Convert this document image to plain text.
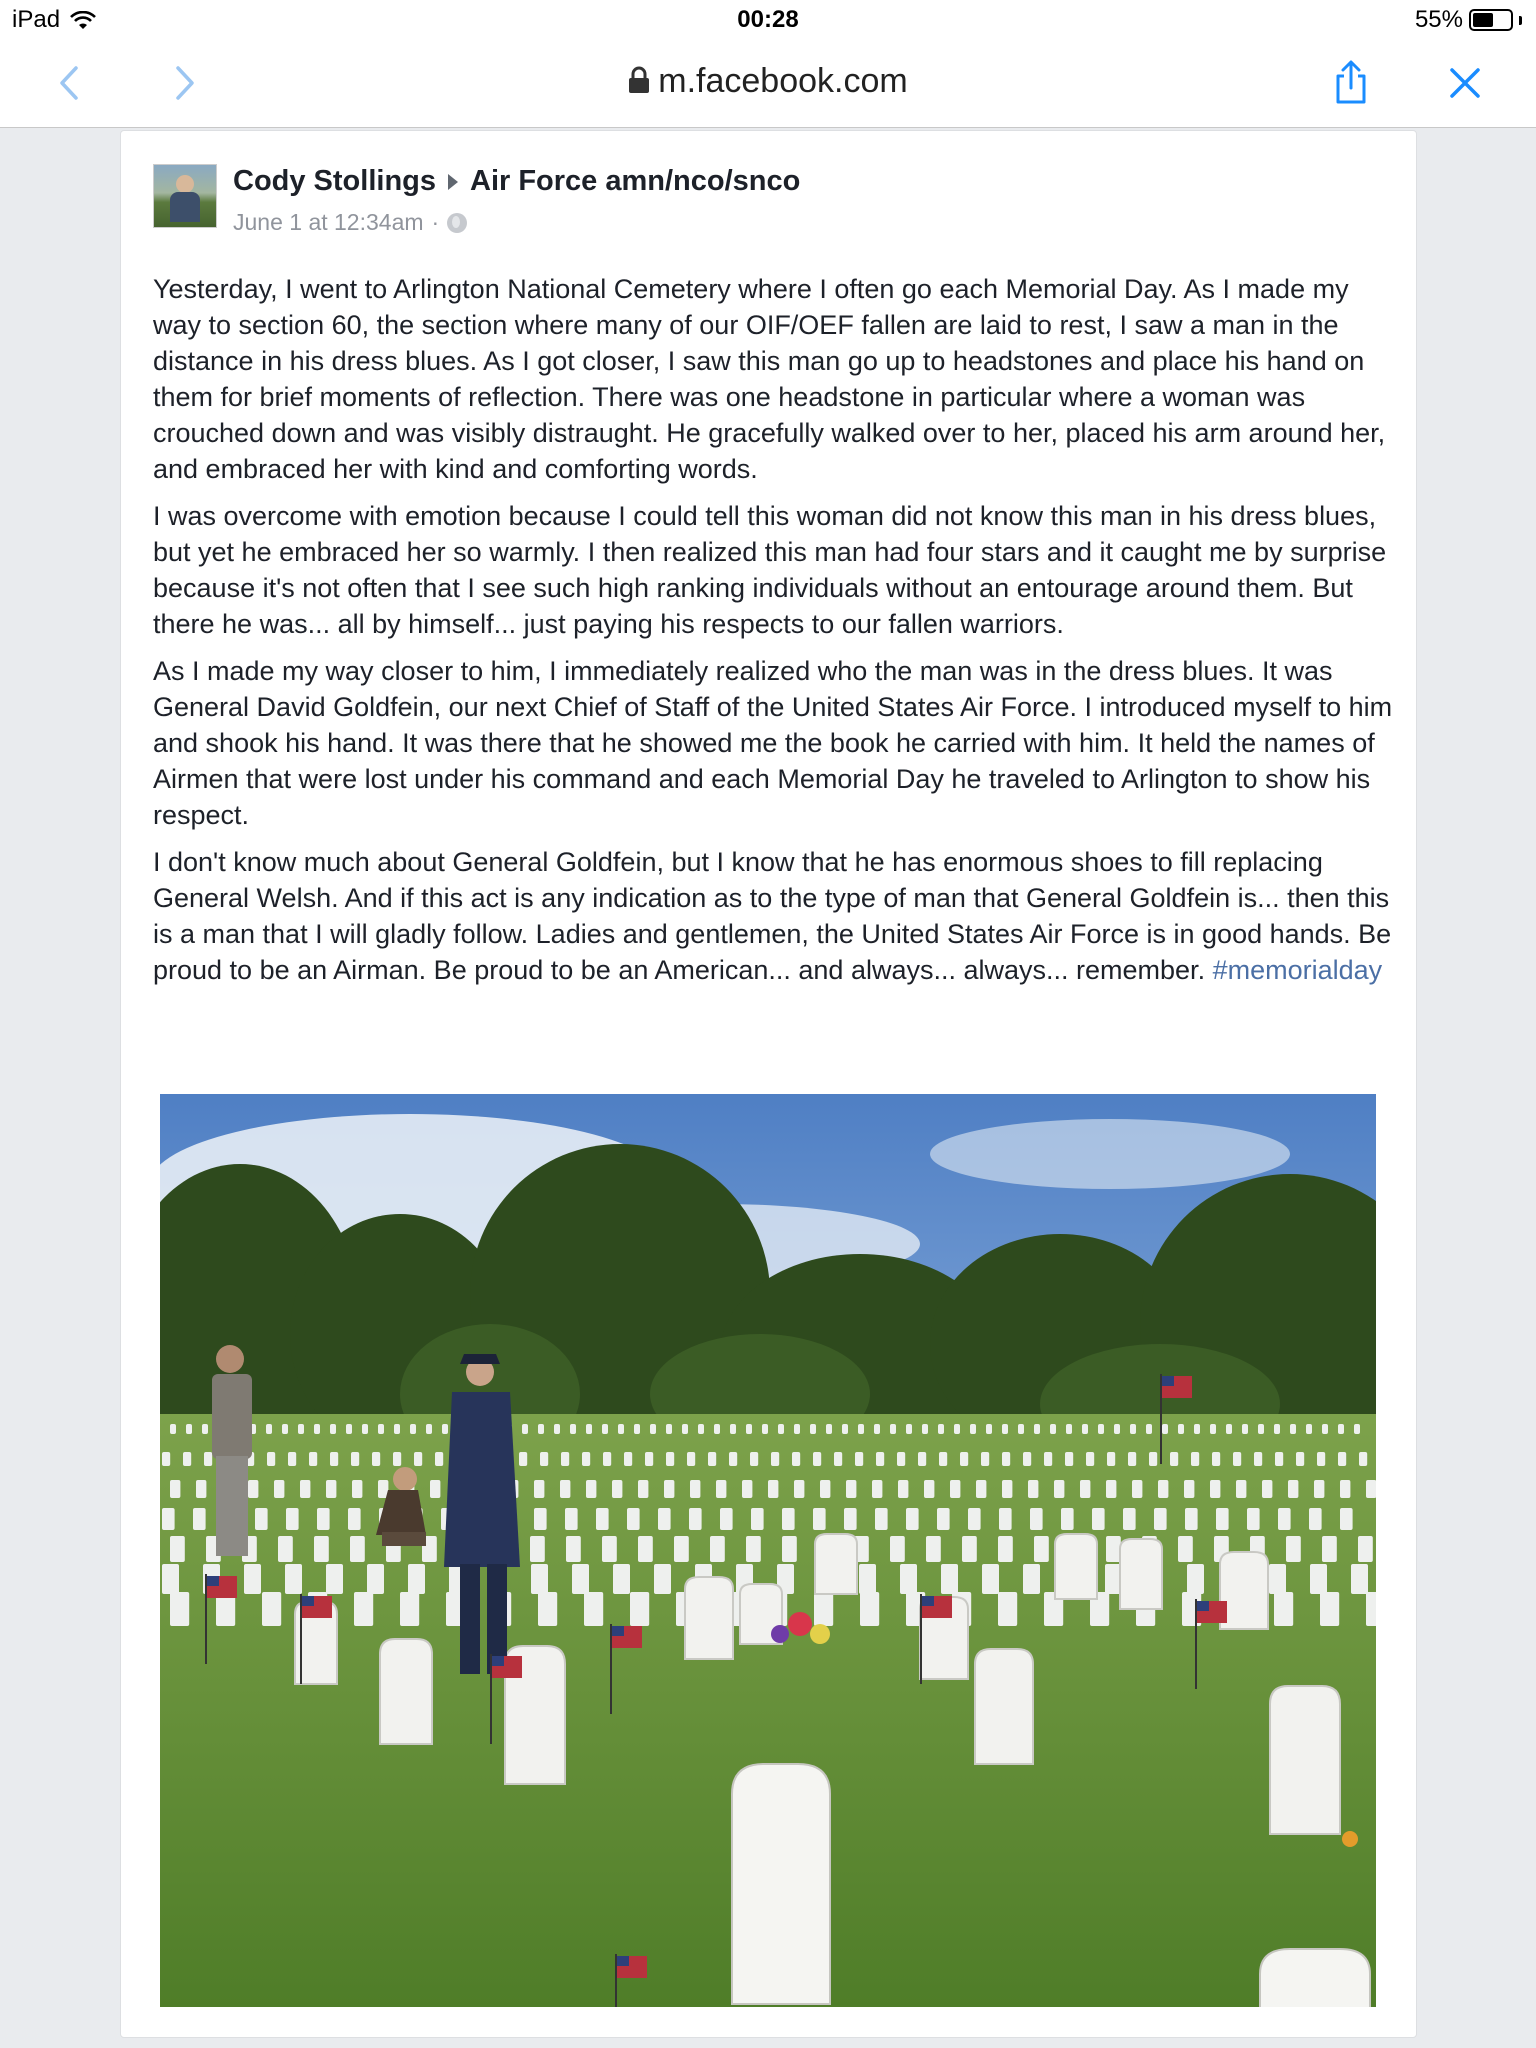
iPad	00:28	55%
m.facebook.com
Cody Stollings Air Force amn/nco/snco
June 1 at 12:34am ·

Yesterday, I went to Arlington National Cemetery where I often go each Memorial Day. As I made my way to section 60, the section where many of our OIF/OEF fallen are laid to rest, I saw a man in the distance in his dress blues. As I got closer, I saw this man go up to headstones and place his hand on them for brief moments of reflection. There was one headstone in particular where a woman was crouched down and was visibly distraught. He gracefully walked over to her, placed his arm around her, and embraced her with kind and comforting words.

I was overcome with emotion because I could tell this woman did not know this man in his dress blues, but yet he embraced her so warmly. I then realized this man had four stars and it caught me by surprise because it's not often that I see such high ranking individuals without an entourage around them. But there he was... all by himself... just paying his respects to our fallen warriors.

As I made my way closer to him, I immediately realized who the man was in the dress blues. It was General David Goldfein, our next Chief of Staff of the United States Air Force. I introduced myself to him and shook his hand. It was there that he showed me the book he carried with him. It held the names of Airmen that were lost under his command and each Memorial Day he traveled to Arlington to show his respect.

I don't know much about General Goldfein, but I know that he has enormous shoes to fill replacing General Welsh. And if this act is any indication as to the type of man that General Goldfein is... then this is a man that I will gladly follow. Ladies and gentlemen, the United States Air Force is in good hands. Be proud to be an Airman. Be proud to be an American... and always... always... remember. #memorialday
